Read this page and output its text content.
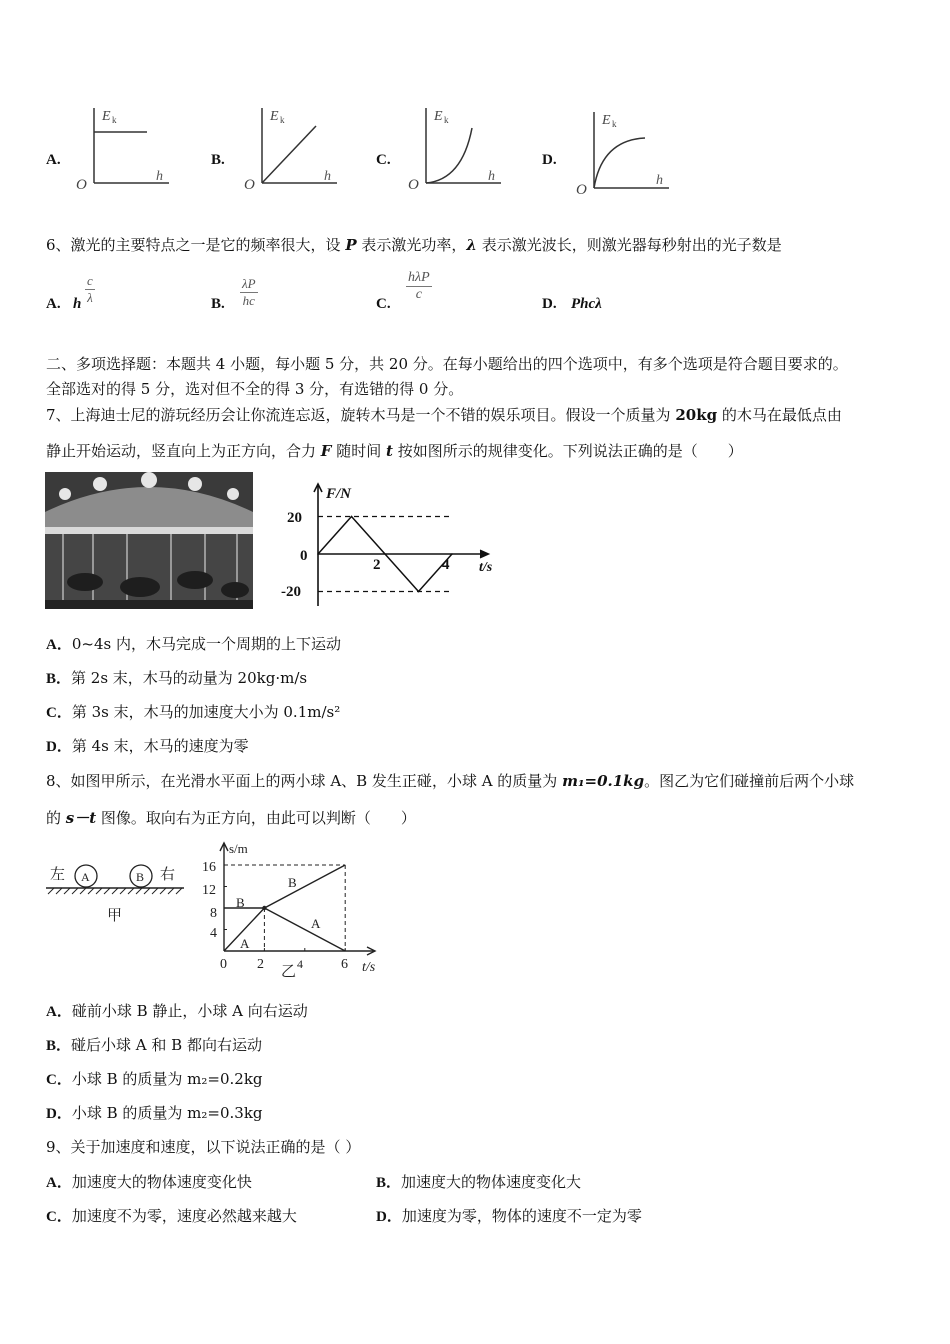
A.
E k
h
O
B.
E k
h
O
C.
E k
h
O
D.
E k
h
O
6、激光的主要特点之一是它的频率很大，设 P 表示激光功率，λ 表示激光波长，则激光器每秒射出的光子数是
A. h $\frac{c}{\lambda}$	B. $\frac{\lambda P}{hc}$	C.
hλP
c
D. Phcλ
二、多项选择题：本题共 4 小题，每小题 5 分，共 20 分。在每小题给出的四个选项中，有多个选项是符合题目要求的。
全部选对的得 5 分，选对但不全的得 3 分，有选错的得 0 分。
7、上海迪士尼的游玩经历会让你流连忘返，旋转木马是一个不错的娱乐项目。假设一个质量为 20kg 的木马在最低点由
静止开始运动，竖直向上为正方向，合力 F 随时间 t 按如图所示的规律变化。下列说法正确的是（　　）
F/N
t/s
20
0
-20
2	4
A．0~4s 内，木马完成一个周期的上下运动
B．第 2s 末，木马的动量为 20kg·m/s
C．第 3s 末，木马的加速度大小为 0.1m/s²
D．第 4s 末，木马的速度为零
8、如图甲所示，在光滑水平面上的两小球 A、B 发生正碰，小球 A 的质量为 m₁=0.1kg。图乙为它们碰撞前后两个小球
的 s－t 图像。取向右为正方向，由此可以判断（　　）
左 A	B 右
甲
s/m
t/s
16
12
8
4
0 2	4	6
乙
B
B
A
A
A．碰前小球 B 静止，小球 A 向右运动
B．碰后小球 A 和 B 都向右运动
C．小球 B 的质量为 m₂=0.2kg
D．小球 B 的质量为 m₂=0.3kg
9、关于加速度和速度，以下说法正确的是（ ）
A．加速度大的物体速度变化快	B．加速度大的物体速度变化大
C．加速度不为零，速度必然越来越大	D．加速度为零，物体的速度不一定为零
